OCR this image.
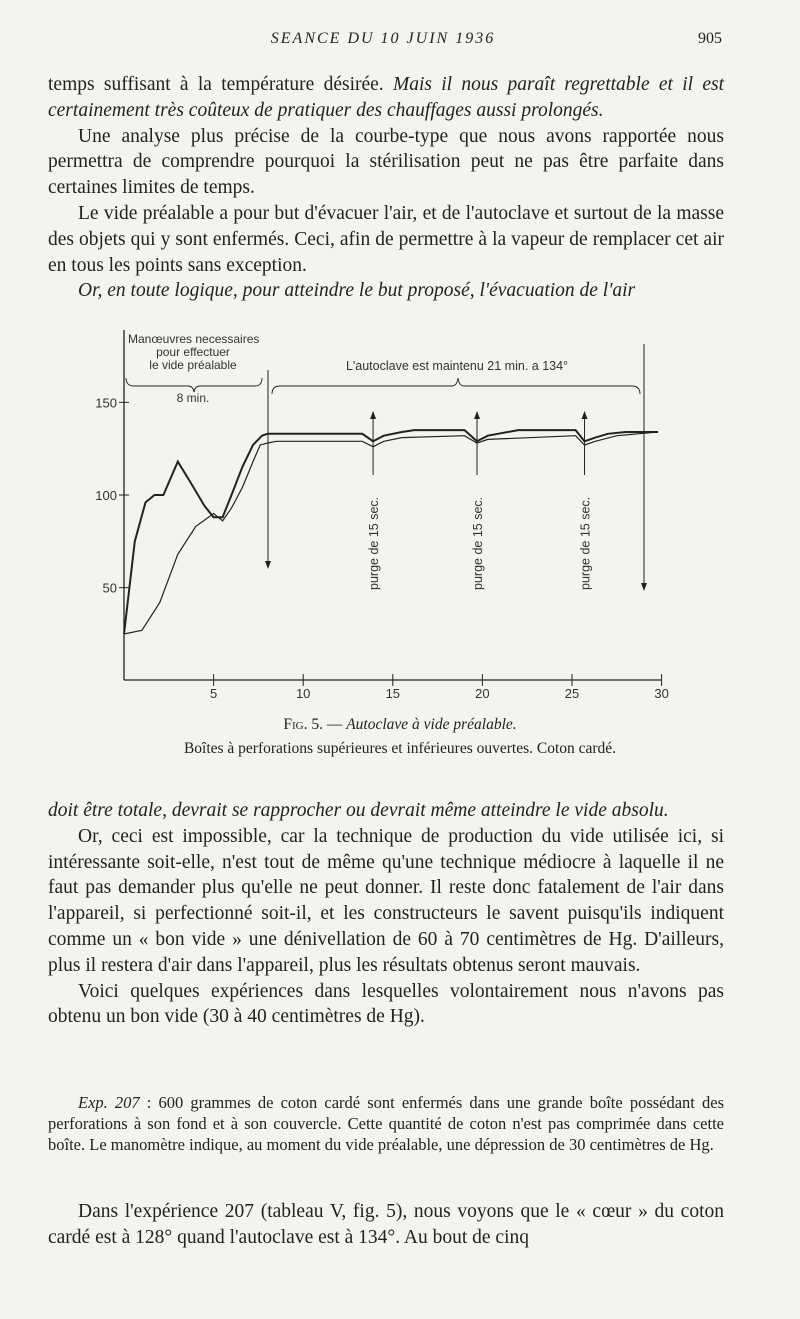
SEANCE DU 10 JUIN 1936	905

temps suffisant à la température désirée. Mais il nous paraît regrettable et il est certainement très coûteux de pratiquer des chauffages aussi prolongés.

Une analyse plus précise de la courbe-type que nous avons rapportée nous permettra de comprendre pourquoi la stérilisation peut ne pas être parfaite dans certaines limites de temps.

Le vide préalable a pour but d'évacuer l'air, et de l'autoclave et surtout de la masse des objets qui y sont enfermés. Ceci, afin de permettre à la vapeur de remplacer cet air en tous les points sans exception.

Or, en toute logique, pour atteindre le but proposé, l'évacuation de l'air

5	10	15	20	25	30
50
100
150
Manœuvres necessaires
pour effectuer
le vide préalable
8 min.
L'autoclave est maintenu 21 min. a 134°
purge de 15 sec.	purge de 15 sec.	purge de 15 sec.
Fig. 5. — Autoclave à vide préalable.
Boîtes à perforations supérieures et inférieures ouvertes. Coton cardé.

doit être totale, devrait se rapprocher ou devrait même atteindre le vide absolu.

Or, ceci est impossible, car la technique de production du vide utilisée ici, si intéressante soit-elle, n'est tout de même qu'une technique médiocre à laquelle il ne faut pas demander plus qu'elle ne peut donner. Il reste donc fatalement de l'air dans l'appareil, si perfectionné soit-il, et les constructeurs le savent puisqu'ils indiquent comme un « bon vide » une dénivellation de 60 à 70 centimètres de Hg. D'ailleurs, plus il restera d'air dans l'appareil, plus les résultats obtenus seront mauvais.

Voici quelques expériences dans lesquelles volontairement nous n'avons pas obtenu un bon vide (30 à 40 centimètres de Hg).

Exp. 207 : 600 grammes de coton cardé sont enfermés dans une grande boîte possédant des perforations à son fond et à son couvercle. Cette quantité de coton n'est pas comprimée dans cette boîte. Le manomètre indique, au moment du vide préalable, une dépression de 30 centimètres de Hg.

Dans l'expérience 207 (tableau V, fig. 5), nous voyons que le « cœur » du coton cardé est à 128° quand l'autoclave est à 134°. Au bout de cinq
